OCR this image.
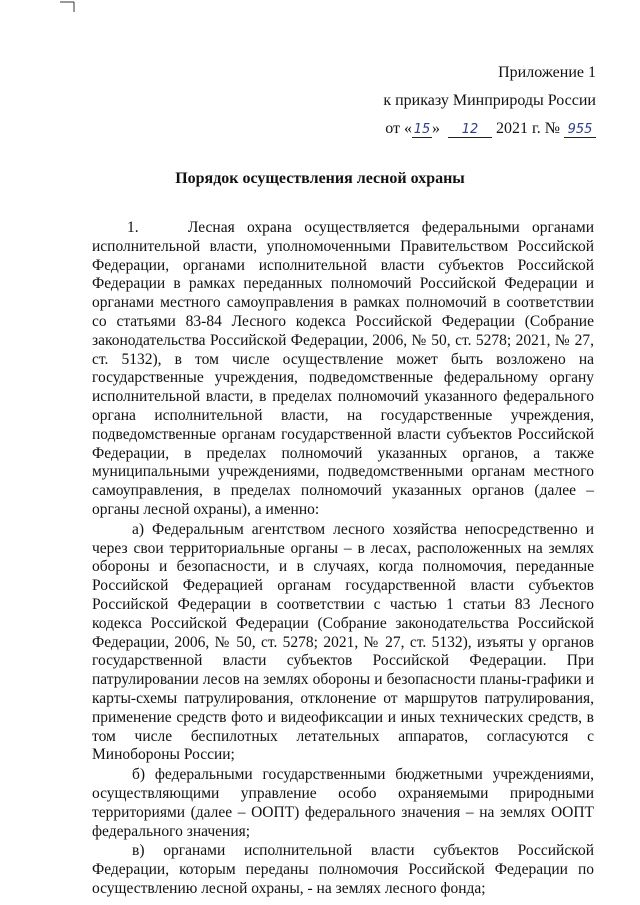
Приложение 1
к приказу Минприроды России
от « 15 » 12 2021 г. № 955
Порядок осуществления лесной охраны

1.    Лесная охрана осуществляется федеральными органами исполнительной власти, уполномоченными Правительством Российской Федерации, органами исполнительной власти субъектов Российской Федерации в рамках переданных полномочий Российской Федерации и органами местного самоуправления в рамках полномочий в соответствии со статьями 83-84 Лесного кодекса Российской Федерации (Собрание законодательства Российской Федерации, 2006, № 50, ст. 5278; 2021, № 27, ст. 5132), в том числе осуществление может быть возложено на государственные учреждения, подведомственные федеральному органу исполнительной власти, в пределах полномочий указанного федерального органа исполнительной власти, на государственные учреждения, подведомственные органам государственной власти субъектов Российской Федерации, в пределах полномочий указанных органов, а также муниципальными учреждениями, подведомственными органам местного самоуправления, в пределах полномочий указанных органов (далее – органы лесной охраны), а именно:

а) Федеральным агентством лесного хозяйства непосредственно и через свои территориальные органы – в лесах, расположенных на землях обороны и безопасности, и в случаях, когда полномочия, переданные Российской Федерацией органам государственной власти субъектов Российской Федерации в соответствии с частью 1 статьи 83 Лесного кодекса Российской Федерации (Собрание законодательства Российской Федерации, 2006, № 50, ст. 5278; 2021, № 27, ст. 5132), изъяты у органов государственной власти субъектов Российской Федерации. При патрулировании лесов на землях обороны и безопасности планы-графики и карты-схемы патрулирования, отклонение от маршрутов патрулирования, применение средств фото и видеофиксации и иных технических средств, в том числе беспилотных летательных аппаратов, согласуются с Минобороны России;

б) федеральными государственными бюджетными учреждениями, осуществляющими управление особо охраняемыми природными территориями (далее – ООПТ) федерального значения – на землях ООПТ федерального значения;

в) органами исполнительной власти субъектов Российской Федерации, которым переданы полномочия Российской Федерации по осуществлению лесной охраны, - на землях лесного фонда;
